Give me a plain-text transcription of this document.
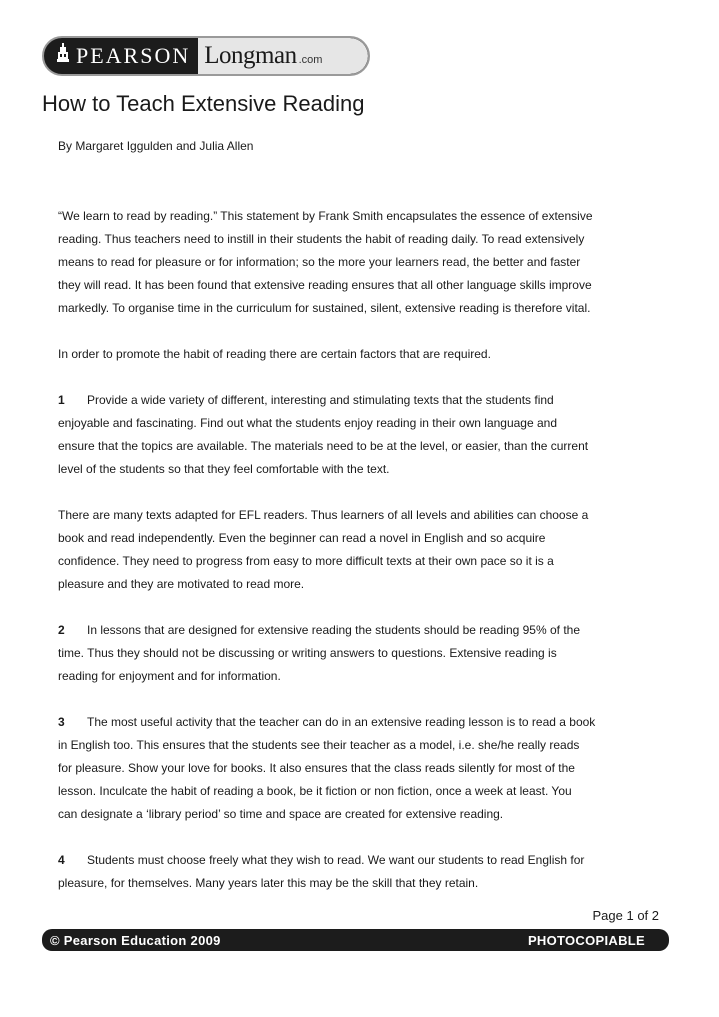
PEARSON Longman .com
How to Teach Extensive Reading
By Margaret Iggulden and Julia Allen

“We learn to read by reading.” This statement by Frank Smith encapsulates the essence of extensive
reading. Thus teachers need to instill in their students the habit of reading daily. To read extensively
means to read for pleasure or for information; so the more your learners read, the better and faster
they will read. It has been found that extensive reading ensures that all other language skills improve
markedly. To organise time in the curriculum for sustained, silent, extensive reading is therefore vital.

In order to promote the habit of reading there are certain factors that are required.

1 Provide a wide variety of different, interesting and stimulating texts that the students find
enjoyable and fascinating. Find out what the students enjoy reading in their own language and
ensure that the topics are available. The materials need to be at the level, or easier, than the current
level of the students so that they feel comfortable with the text.

There are many texts adapted for EFL readers. Thus learners of all levels and abilities can choose a
book and read independently. Even the beginner can read a novel in English and so acquire
confidence. They need to progress from easy to more difficult texts at their own pace so it is a
pleasure and they are motivated to read more.

2 In lessons that are designed for extensive reading the students should be reading 95% of the
time. Thus they should not be discussing or writing answers to questions. Extensive reading is
reading for enjoyment and for information.

3 The most useful activity that the teacher can do in an extensive reading lesson is to read a book
in English too. This ensures that the students see their teacher as a model, i.e. she/he really reads
for pleasure. Show your love for books. It also ensures that the class reads silently for most of the
lesson. Inculcate the habit of reading a book, be it fiction or non fiction, once a week at least. You
can designate a ‘library period’ so time and space are created for extensive reading.

4 Students must choose freely what they wish to read. We want our students to read English for
pleasure, for themselves. Many years later this may be the skill that they retain.

Page 1 of 2
© Pearson Education 2009	PHOTOCOPIABLE
